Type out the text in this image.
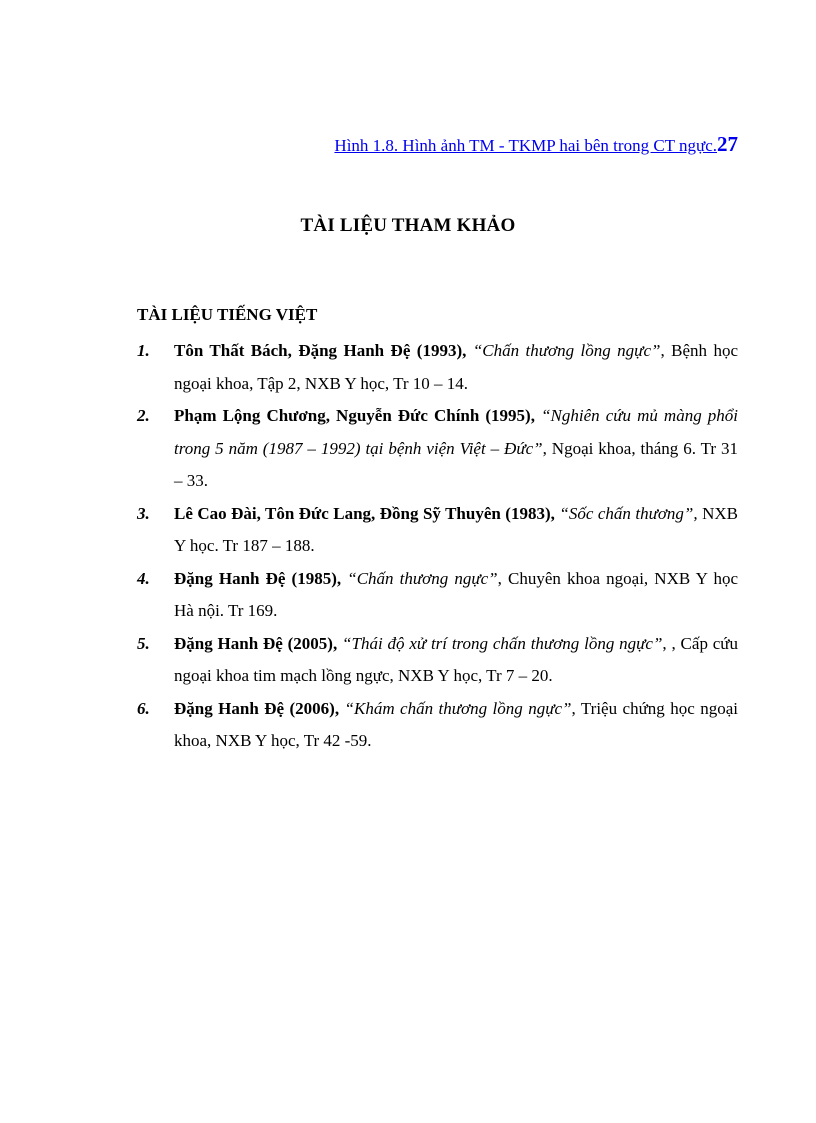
Hình 1.8. Hình ảnh TM - TKMP hai bên trong CT ngực.27
TÀI LIỆU THAM KHẢO
TÀI LIỆU TIẾNG VIỆT
1. Tôn Thất Bách, Đặng Hanh Đệ (1993), “Chấn thương lồng ngực”, Bệnh học ngoại khoa, Tập 2, NXB Y học, Tr 10 – 14.
2. Phạm Lộng Chương, Nguyễn Đức Chính (1995), “Nghiên cứu mủ màng phổi trong 5 năm (1987 – 1992) tại bệnh viện Việt – Đức”, Ngoại khoa, tháng 6. Tr 31 – 33.
3. Lê Cao Đài, Tôn Đức Lang, Đồng Sỹ Thuyên (1983), “Sốc chấn thương”, NXB Y học. Tr 187 – 188.
4. Đặng Hanh Đệ (1985), “Chấn thương ngực”, Chuyên khoa ngoại, NXB Y học Hà nội. Tr 169.
5. Đặng Hanh Đệ (2005), “Thái độ xử trí trong chấn thương lồng ngực”, , Cấp cứu ngoại khoa tim mạch lồng ngực, NXB Y học, Tr 7 – 20.
6. Đặng Hanh Đệ (2006), “Khám chấn thương lồng ngực”, Triệu chứng học ngoại khoa, NXB Y học, Tr 42 -59.
